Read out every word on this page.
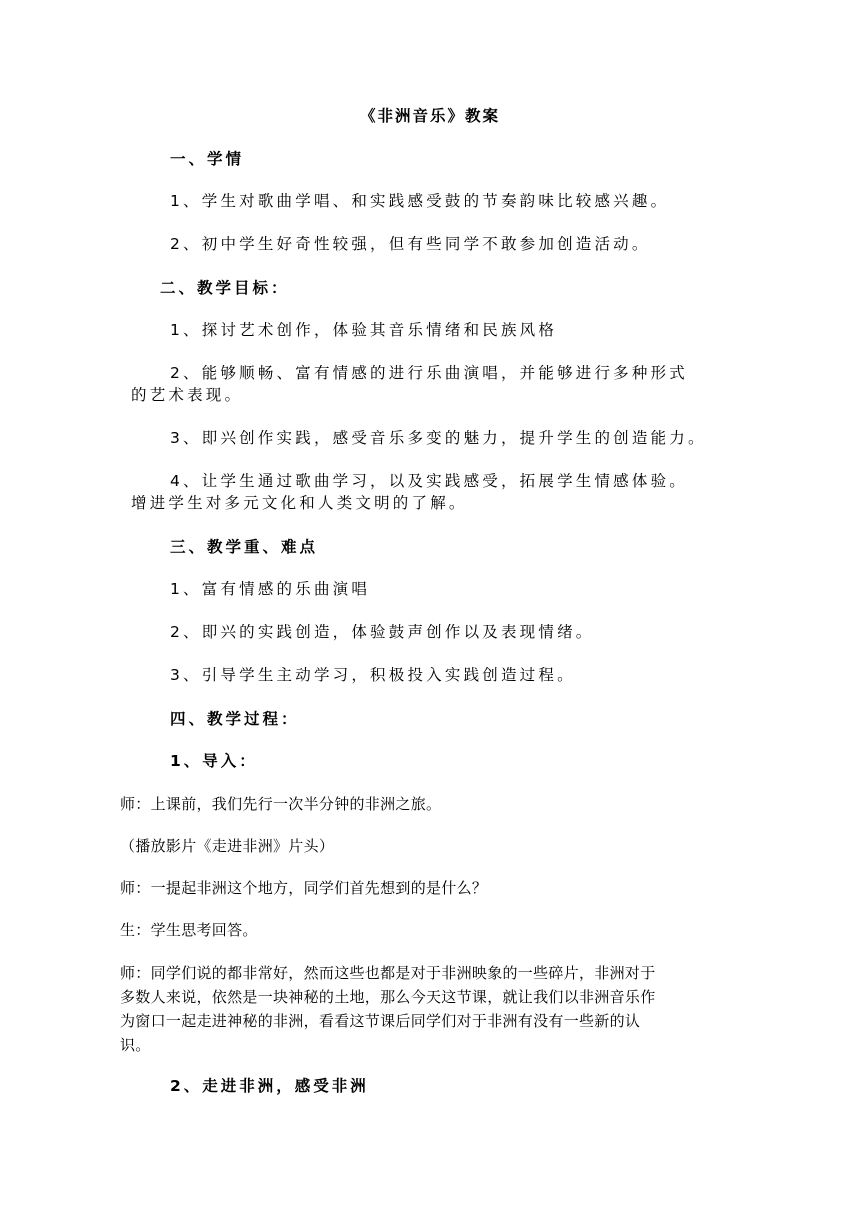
《非洲音乐》教案
一、学情
1、学生对歌曲学唱、和实践感受鼓的节奏韵味比较感兴趣。
2、初中学生好奇性较强，但有些同学不敢参加创造活动。
二、教学目标：
1、探讨艺术创作，体验其音乐情绪和民族风格
2、能够顺畅、富有情感的进行乐曲演唱，并能够进行多种形式
的艺术表现。
3、即兴创作实践，感受音乐多变的魅力，提升学生的创造能力。
4、让学生通过歌曲学习，以及实践感受，拓展学生情感体验。
增进学生对多元文化和人类文明的了解。
三、教学重、难点
1、富有情感的乐曲演唱
2、即兴的实践创造，体验鼓声创作以及表现情绪。
3、引导学生主动学习，积极投入实践创造过程。
四、教学过程：
1、导入：
师：上课前，我们先行一次半分钟的非洲之旅。
（播放影片《走进非洲》片头）
师：一提起非洲这个地方，同学们首先想到的是什么？
生：学生思考回答。
师：同学们说的都非常好，然而这些也都是对于非洲映象的一些碎片，非洲对于
多数人来说，依然是一块神秘的土地，那么今天这节课，就让我们以非洲音乐作
为窗口一起走进神秘的非洲，看看这节课后同学们对于非洲有没有一些新的认
识。
2、走进非洲，感受非洲
